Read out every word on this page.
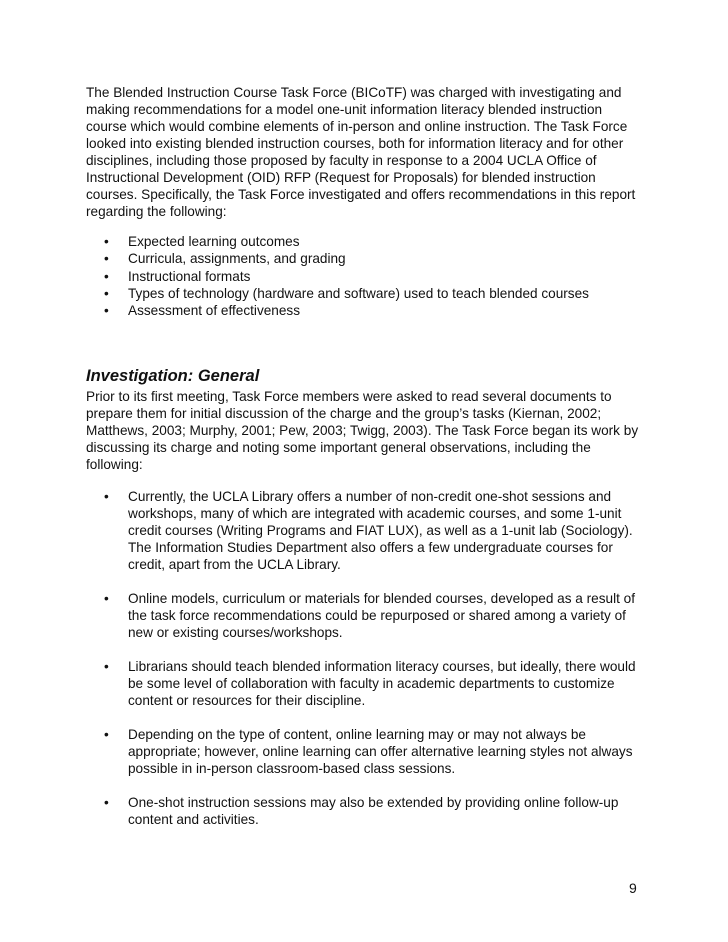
The Blended Instruction Course Task Force (BICoTF) was charged with investigating and making recommendations for a model one-unit information literacy blended instruction course which would combine elements of in-person and online instruction. The Task Force looked into existing blended instruction courses, both for information literacy and for other disciplines, including those proposed by faculty in response to a 2004 UCLA Office of Instructional Development (OID) RFP (Request for Proposals) for blended instruction courses. Specifically, the Task Force investigated and offers recommendations in this report regarding the following:

• Expected learning outcomes
• Curricula, assignments, and grading
• Instructional formats
• Types of technology (hardware and software) used to teach blended courses
• Assessment of effectiveness
Investigation: General

Prior to its first meeting, Task Force members were asked to read several documents to prepare them for initial discussion of the charge and the group’s tasks (Kiernan, 2002; Matthews, 2003; Murphy, 2001; Pew, 2003; Twigg, 2003). The Task Force began its work by discussing its charge and noting some important general observations, including the following:

• Currently, the UCLA Library offers a number of non-credit one-shot sessions and workshops, many of which are integrated with academic courses, and some 1-unit credit courses (Writing Programs and FIAT LUX), as well as a 1-unit lab (Sociology). The Information Studies Department also offers a few undergraduate courses for credit, apart from the UCLA Library.
• Online models, curriculum or materials for blended courses, developed as a result of the task force recommendations could be repurposed or shared among a variety of new or existing courses/workshops.
• Librarians should teach blended information literacy courses, but ideally, there would be some level of collaboration with faculty in academic departments to customize content or resources for their discipline.
• Depending on the type of content, online learning may or may not always be appropriate; however, online learning can offer alternative learning styles not always possible in in-person classroom-based class sessions.
• One-shot instruction sessions may also be extended by providing online follow-up content and activities.
9
